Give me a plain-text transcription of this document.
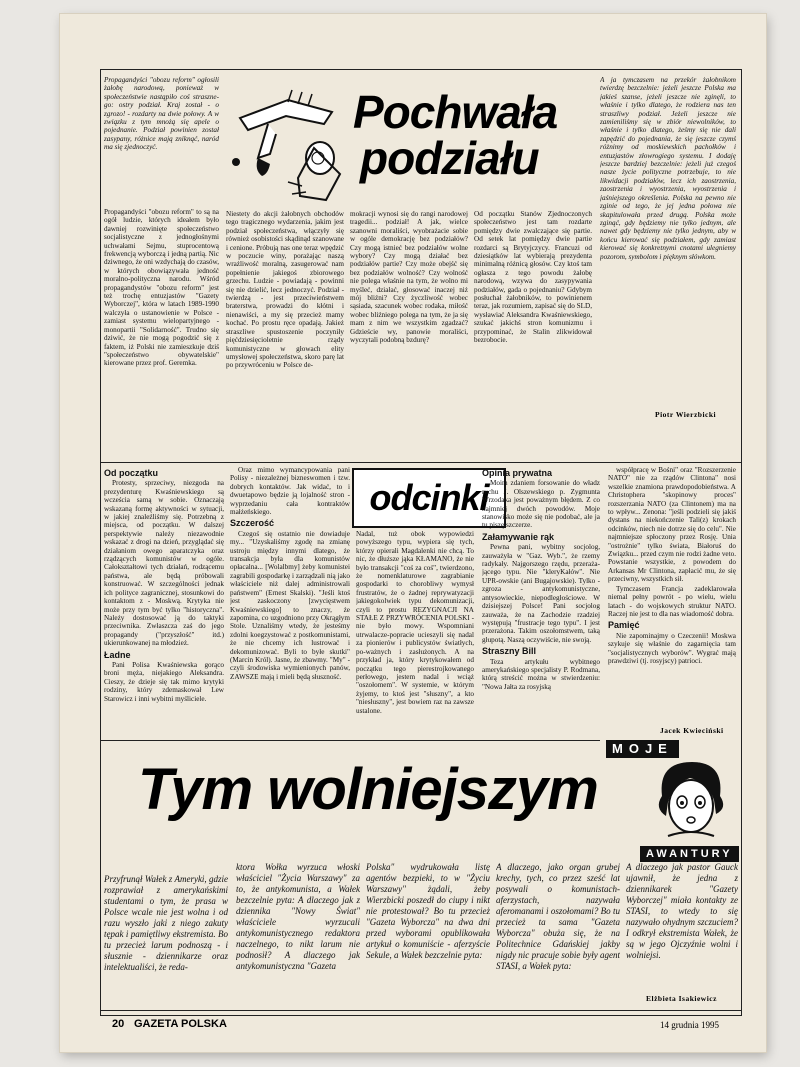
Propagandyści "obozu reform" ogłosili żałobę narodową, ponieważ w społeczeństwie nastąpiło coś straszne-go: ostry podział. Kraj został - o zgrozo! - rozdarty na dwie połowy. A w związku z tym mnożą się apele o pojednanie. Podział powinien został zasypany, różnice mają zniknąć, naród ma się zjednoczyć.
Pochwała
podziału
Propagandyści "obozu reform" to są na ogół ludzie, których ideałem było dawniej rozwinięte społeczeństwo socjalistyczne z jednogłośnymi uchwałami Sejmu, stuprocentową frekwencją wyborczą i jedną partią. Nic dziwnego, że oni wzdychają do czasów, w których obowiązywała jedność moralno-polityczna narodu. Wśród propagandystów "obozu reform" jest też trochę entuzjastów "Gazety Wyborczej", która w latach 1989-1990 walczyła o ustanowienie w Polsce - zamiast systemu wielopartyjnego - monopartii "Solidarność". Trudno się dziwić, że nie mogą pogodzić się z faktem, iż Polski nie zamieszkuje dziś "społeczeństwo obywatelskie" kierowane przez prof. Geremka.
Niestety do akcji żałobnych obchodów tego tragicznego wydarzenia, jakim jest podział społeczeństwa, włączyły się również osobistości skądinąd szanowane i cenione. Próbują nas one teraz wpędzić w poczucie winy, porażając naszą wrażliwość moralną, zasugerować nam popełnienie jakiegoś zbiorowego grzechu. Ludzie - powiadają - powinni się nie dzielić, lecz jednoczyć. Podział - twierdzą - jest przeciwieństwem braterstwa, prowadzi do kłótni i nienawiści, a my się przecież mamy kochać. Po prostu ręce opadają. Jakież straszliwe spustoszenie poczyniły pięćdziesięcioletnie rządy komunistyczne w głowach elity umysłowej społeczeństwa, skoro parę lat po przywróceniu w Polsce de-
mokracji wynosi się do rangi narodowej tragedii... podział! A jak, wielce szanowni moraliści, wyobrażacie sobie w ogóle demokrację bez podziałów? Czy mogą istnieć bez podziałów wolne wybory? Czy mogą działać bez podziałów partie? Czy może obejść się bez podziałów wolność? Czy wolność nie polega właśnie na tym, że wolno mi myśleć, działać, głosować inaczej niż mój bliźni? Czy życzliwość wobec sąsiada, szacunek wobec rodaka, miłość wobec bliźniego polega na tym, że ja się mam z nim we wszystkim zgadzać? Gdzieście wy, panowie moraliści, wyczytali podobną bzdurę?
Od początku Stanów Zjednoczonych społeczeństwo jest tam rozdarte pomiędzy dwie zwalczające się partie. Od setek lat pomiędzy dwie partie rozdarci są Brytyjczycy. Francuzi od dziesiątków lat wybierają prezydenta minimalną różnicą głosów. Czy ktoś tam ogłasza z tego powodu żałobę narodową, wzywa do zasypywania podziałów, gada o pojednaniu? Gdybym posłuchał żałobników, to powinienem teraz, jak rozumiem, zapisać się do SLD, wysławiać Aleksandra Kwaśniewskiego, szukać jakichś stron komunizmu i przypominać, że Stalin zlikwidował bezrobocie.
A ja tymczasem na przekór żałobnikom twierdzę bezczelnie: jeżeli jeszcze Polska ma jakieś szanse, jeżeli jeszcze nie zginęli, to właśnie i tylko dlatego, że rodziera nas ten straszliwy podział. Jeżeli jeszcze nie zamieniliśmy się w zbiór niewolników, to właśnie i tylko dlatego, żeśmy się nie dali zapędzić do pojednania, że się jeszcze czymś różnimy od moskiewskich pachołków i entuzjastów złowrogiego systemu. I dodaję jeszcze bardziej bezczelnie: jeżeli już czegoś nasze życie polityczne potrzebuje, to nie likwidacji podziałów, lecz ich zaostrzenia, zaostrzenia i wyostrzenia, wyostrzenia i jaśniejszego określenia. Polska na pewno nie zginie od tego, że jej jedna połowa nie skapitulowała przed drugą. Polska może zginąć, gdy będziemy nie tylko jednym, ale nawet gdy będziemy nie tylko jednym, aby w końcu kierować się podziałem, gdy zamiast kierować się konkretnymi cnotami ulegniemy pozorom, symbolom i pięknym słówkom.
Piotr Wierzbicki
Od początku

Protesty, sprzeciwy, niezgoda na prezydenturę Kwaśniewskiego są wcześcia samą w sobie. Oznaczają wskazaną formę aktywności w sytuacji, w jakiej znaleźliśmy się. Potrzebną z miejsca, od początku. W dalszej perspektywie należy niezawodnie wskazać z drogi na dzień, przyglądać się działaniom owego aparatczyka oraz rządzących komunistów w ogóle. Całokształtowi tych działań, rodzącemu państwa, ale będą próbowali konstruować. W szczególności jednak ich polityce zagranicznej, stosunkowi do kontaktom z - Moskwą. Krytyka nie może przy tym być tylko "historyczna". Należy dostosować ją do taktyki przeciwnika. Zwłaszcza zaś do jego propagandy ("przyszłość" itd.) ukierunkowanej na młodzież.

Ładne

Pani Polisa Kwaśniewska gorąco broni męża, niejakiego Aleksandra. Cieszy, że dzieje się tak mimo krytyki rodziny, który zdemaskował Lew Starowicz i inni wybitni myśliciele.

Oraz mimo wymancypowania pani Polisy - niezależnej bizneswomen i tzw. dobrych kontaktów. Jak widać, to i dwuetapowo będzie ją lojalność stron - wyprzedaniu cała kontraktów małżeńskiego.

Szczerość

Czegoś się ostatnio nie dowiaduje my... "Uzyskaliśmy zgodę na zmianę ustroju między innymi dlatego, że transakcja była dla komunistów opłacalna... [Wolalbmy] żeby komunistei zagrabili gospodarkę i zarządzali nią jako właściciele niż dalej administrowali państwem" (Ernest Skalski). "Jeśli ktoś jest zaskoczony [zwycięstwem Kwaśniewskiego] to znaczy, że zapomina, co uzgodniono przy Okrągłym Stole. Uznaliśmy wtedy, że jesteśmy zdolni koegzystować z postkomunistami, że nie chcemy ich lustrować i dekomunizować. Byli to byłe skutki" (Marcin Król). Jasne, że zbawmy. "My" - czyli środowiska wymienionych panów, ZAWSZE mają i mieli będą słuszność.

odcinki
Nadal, tuż obok wypowiedzi powyższego typu, wypiera się tych, którzy opierali Magdalenki nie chcą. To nic, że dłuższe jąka KŁAMANO, że nie było transakcji "coś za coś", twierdzono, że nomenklaturowe zagrabianie gospodarki to chorobliwy wymysł frustratów, że o żadnej reprywatyzacji jakiegokolwiek typu dekomunizacji, czyli to prostu REZYGNACJI NA STAŁE Z PRZYWRÓCENIA POLSKI - nie było mowy. Wspomniani utrwalacze-popracie ucieszyli się nadal za pionierów i publicystów światłych, po-ważnych i zasłużonych. A na przykład ja, który krytykowałem od początku tego pierestrojkowanego perłowego, jestem nadal i wciąż "oszołomem". W systemie, w którym żyjemy, to ktoś jest "słuszny", a kto "niesłuszny", jest bowiem raz na zawsze ustalone.
Opinia prywatna

Moim zdaniem forsowanie do władz ruchu J. Olszewskiego p. Zygmunta Wrzodaka jest poważnym błędem. Z co najmniej dwóch powodów. Moje stanowisko może się nie podobać, ale ja tu piszę szczerze.

Załamywanie rąk

Pewna pani, wybitny socjolog, zauważyła w "Gaz. Wyb.", że rzemy radykały. Najgorszego rzędu, przeraża-jącego typu. Nie "kleryKałów". Nie UPR-owskie (ani Bugajowskie). Tylko - zgroza - antykomunistyczne, antysowieckie, niepodległościowe. W dzisiejszej Polsce! Pani socjolog zauważa, że na Zachodzie rzadziej występują "frustracje tego typu". I jest przerażona. Takim oszołomstwem, taką głupotą. Naszą oczywiście, nie swoją.

Straszny Bill

Teza artykułu wybitnego amerykańskiego specjalisty P. Rodmana, którą streścić można w stwierdzeniu: "Nowa Jałta za rosyjską

współpracę w Bośni" oraz "Rozszerzenie NATO" nie za rządów Clintona" nosi wszelkie znamiona prawdopodobieństwa. A Christophera "skopinowy proces" rozszerzania NATO (za Clintonem) ma na to wpływ... Zenona: "jeśli podzieli się jakiś dystans na niekończenie Tali(z) krokach odcinków, niech nie dotrze się do celu". Nie najmniejsze spłoczony przez Rosję. Unia "ostrożnie" tylko świata, Białoruś do Związku... przed czym nie rodzi żadne veto. Powstanie wszystkie, z powodem do Arkansas Mr Clintona, zapłacić mu, że się przeciwny, wszystkich sił.

Tymczasem Francja zadeklarowała niemal pełny powrót - po wielu, wielu latach - do wojskowych struktur NATO. Raczej nie jest to dla nas wiadomość dobra.

Pamięć

Nie zapominajmy o Czeczenii! Moskwa szykuje się właśnie do zagarnięcia tam "socjalistycznych wyborów". Wygrać mają prawdziwi (tj. rosyjscy) patrioci.

Jacek Kwieciński
Tym wolniejszym
MOJE
AWANTURY
Przyfrunął Wałek z Ameryki, gdzie rozprawiał z amerykańskimi studentami o tym, że prasa w Polsce wcale nie jest wolna i od razu wyszło jaki z niego zakuty tępak i pamiętliwy ekstremista. Bo tu przecież larum podnoszą - i słusznie - dziennikarze oraz intelektualiści, że reda-
ktora Wołka wyrzuca włoski właściciel "Życia Warszawy" za to, że antykomunista, a Wałek bezczelnie pyta: A dlaczego jak z dziennika "Nowy Świat" właściciele wyrzucali antykomunistycznego redaktora naczelnego, to nikt larum nie podnosił? A dlaczego jak antykomunistyczna "Gazeta
Polska" wydrukowała listę agentów bezpieki, to w "Życiu Warszawy" żądali, żeby Wierzbicki poszedł do ciupy i nikt nie protestował? Bo tu przecież "Gazeta Wyborcza" na dwa dni przed wyborami opublikowała artykuł o komuniście - aferzyście Sekule, a Wałek bezczelnie pyta:
A dlaczego, jako organ grubej krechy, tych, co przez sześć lat posywali o komunistach-aferzystach, nazywała aferomanami i oszołomami? Bo tu przecież ta sama "Gazeta Wyborcza" obuża się, że na Politechnice Gdańskiej jakby nigdy nic pracuje sobie były agent STASI, a Wałek pyta:
A dlaczego jak pastor Gauck ujawnił, że jedna z dziennikarek "Gazety Wyborczej" miała kontakty ze STASI, to wtedy to się nazywało ohydnym szczuciem? I odkrył ekstremista Wałek, że są w jego Ojczyźnie wolni i wolniejsi.
Elżbieta Isakiewicz
20 GAZETA POLSKA	14 grudnia 1995
